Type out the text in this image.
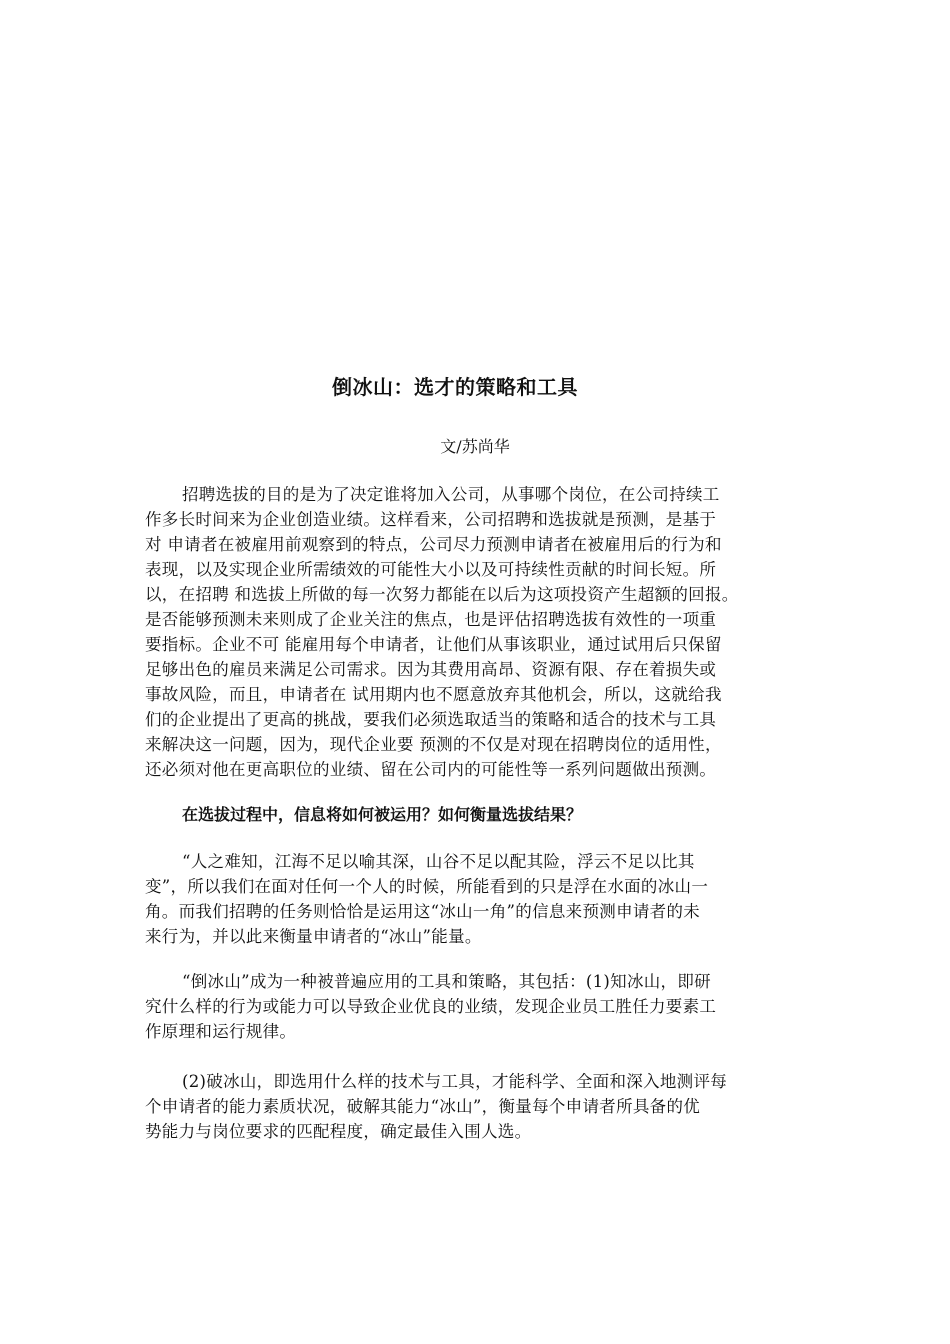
倒冰山：选才的策略和工具
文/苏尚华
招聘选拔的目的是为了决定谁将加入公司，从事哪个岗位，在公司持续工
作多长时间来为企业创造业绩。这样看来，公司招聘和选拔就是预测，是基于
对 申请者在被雇用前观察到的特点，公司尽力预测申请者在被雇用后的行为和
表现，以及实现企业所需绩效的可能性大小以及可持续性贡献的时间长短。所
以，在招聘 和选拔上所做的每一次努力都能在以后为这项投资产生超额的回报。
是否能够预测未来则成了企业关注的焦点，也是评估招聘选拔有效性的一项重
要指标。企业不可 能雇用每个申请者，让他们从事该职业，通过试用后只保留
足够出色的雇员来满足公司需求。因为其费用高昂、资源有限、存在着损失或
事故风险，而且，申请者在 试用期内也不愿意放弃其他机会，所以，这就给我
们的企业提出了更高的挑战，要我们必须选取适当的策略和适合的技术与工具
来解决这一问题，因为，现代企业要 预测的不仅是对现在招聘岗位的适用性，
还必须对他在更高职位的业绩、留在公司内的可能性等一系列问题做出预测。
在选拔过程中，信息将如何被运用？如何衡量选拔结果？
“人之难知，江海不足以喻其深，山谷不足以配其险，浮云不足以比其
变”，所以我们在面对任何一个人的时候，所能看到的只是浮在水面的冰山一
角。而我们招聘的任务则恰恰是运用这“冰山一角”的信息来预测申请者的未
来行为，并以此来衡量申请者的“冰山”能量。
“倒冰山”成为一种被普遍应用的工具和策略，其包括：(1)知冰山，即研
究什么样的行为或能力可以导致企业优良的业绩，发现企业员工胜任力要素工
作原理和运行规律。
(2)破冰山，即选用什么样的技术与工具，才能科学、全面和深入地测评每
个申请者的能力素质状况，破解其能力“冰山”，衡量每个申请者所具备的优
势能力与岗位要求的匹配程度，确定最佳入围人选。
